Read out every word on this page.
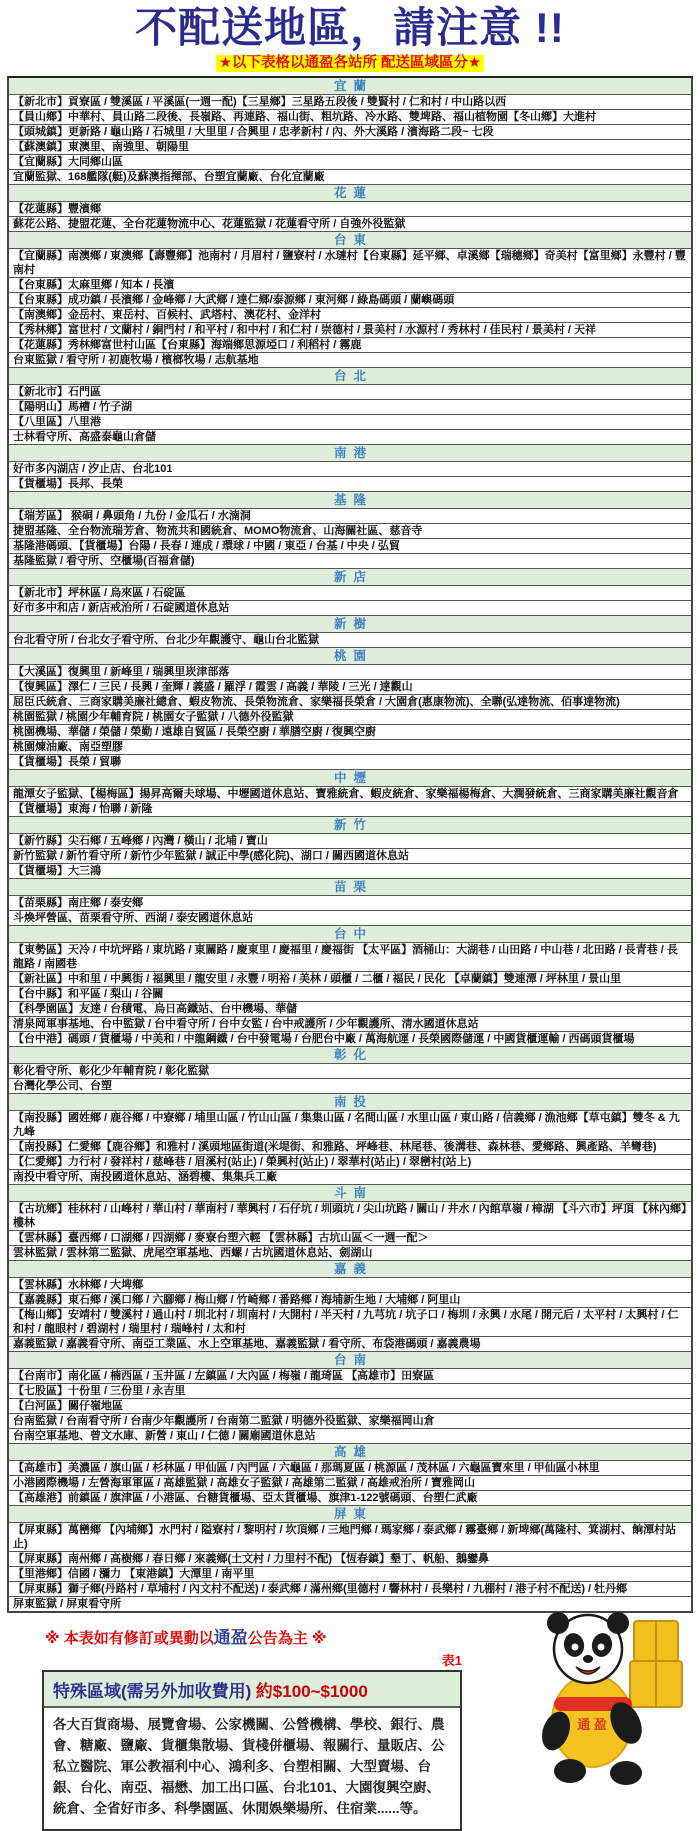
不配送地區，請注意 !!
★以下表格以通盈各站所 配送區域區分★
宜蘭
【新北市】貢寮區 / 雙溪區 / 平溪區(一週一配)【三星鄉】三星路五段後 / 雙賢村 / 仁和村 / 中山路以西
【員山鄉】中華村、員山路二段後、長嶺路、再連路、福山街、粗坑路、冷水路、雙埤路、福山植物園【冬山鄉】大進村
【頭城鎮】更新路 / 龜山路 / 石城里 / 大里里 / 合興里 / 忠孝新村 / 內、外大溪路 / 濱海路二段~ 七段
【蘇澳鎮】東澳里、南強里、朝陽里
【宜蘭縣】大同鄉山區
宜蘭監獄、168艦隊(艇)及蘇澳指揮部、台塑宜蘭廠、台化宜蘭廠
花蓮
【花蓮縣】豐濱鄉
蘇花公路、捷盟花蓮、全台花蓮物流中心、花蓮監獄 / 花蓮看守所 / 自強外役監獄
台東
【宜蘭縣】南澳鄉 / 東澳鄉【壽豐鄉】池南村 / 月眉村 / 鹽寮村 / 水璉村【台東縣】延平鄉、卓溪鄉【瑞穗鄉】奇美村【富里鄉】永豐村 / 豐南村
【台東縣】太麻里鄉 / 知本 / 長濱
【台東縣】成功鎮 / 長濱鄉 / 金峰鄉 / 大武鄉 / 達仁鄉/泰源鄉 / 東河鄉 / 綠島碼頭 / 蘭嶼碼頭
【南澳鄉】金岳村、東岳村、百候村、武塔村、澳花村、金洋村
【秀林鄉】富世村 / 文蘭村 / 銅門村 / 和平村 / 和中村 / 和仁村 / 崇德村 / 景美村 / 水源村 / 秀林村 / 佳民村 / 景美村 / 天祥
【花蓮縣】秀林鄉富世村山區【台東縣】海端鄉思源埡口 / 利稻村 / 霧鹿
台東監獄 / 看守所 / 初鹿牧場 / 檳榔牧場 / 志航基地
台北
【新北市】石門區
【陽明山】馬槽 / 竹子湖
【八里區】八里港
士林看守所、高盛泰龜山倉儲
南港
好市多內湖店 / 汐止店、台北101
【貨櫃場】長邦、長榮
基隆
【瑞芳區】 猴硐 / 鼻頭角 / 九份 / 金瓜石 / 水湳洞
捷盟基隆、全台物流瑞芳倉、物流共和國統倉、MOMO物流倉、山海關社區、慈音寺
基隆港碼頭、【貨櫃場】台陽 / 長春 / 連成 / 環球 / 中國 / 東亞 / 台基 / 中央 / 弘貿
基隆監獄 / 看守所、空櫃場(百福倉儲)
新店
【新北市】坪林區 / 烏來區 / 石碇區
好市多中和店 / 新店戒治所 / 石碇國道休息站
新樹
台北看守所 / 台北女子看守所、台北少年觀護守、龜山台北監獄
桃園
【大溪區】復興里 / 新峰里 / 瑞興里崁津部落
【復興區】澤仁 / 三民 / 長興 / 奎輝 / 義盛 / 羅浮 / 霞雲 / 高義 / 華陵 / 三光 / 達觀山
屈臣氏統倉、三商家購美廉社總倉、蝦皮物流、長榮物流倉、家樂福長榮倉 / 大園倉(惠康物流)、全聯(弘達物流、佰事達物流)
桃園監獄 / 桃園少年輔育院 / 桃園女子監獄 / 八德外役監獄
桃園機場、華儲 / 榮儲 / 榮勤 / 遠雄自貿區 / 長榮空廚 / 華膳空廚 / 復興空廚
桃園煉油廠、南亞塑膠
【貨櫃場】長榮 / 貿聯
中壢
龍潭女子監獄、【楊梅區】揚昇高爾夫球場、中壢國道休息站、寶雅統倉、蝦皮統倉、家樂福楊梅倉、大潤發統倉、三商家購美廉社觀音倉
【貨櫃場】東海 / 怡聯 / 新隆
新竹
【新竹縣】尖石鄉 / 五峰鄉 / 內灣 / 橫山 / 北埔 / 寶山
新竹監獄 / 新竹看守所 / 新竹少年監獄 / 誠正中學(感化院)、湖口 / 關西國道休息站
【貨櫃場】大三鴻
苗栗
【苗栗縣】南庄鄉 / 泰安鄉
斗煥坪營區、苗栗看守所、西湖 / 泰安國道休息站
台中
【東勢區】天冷 / 中坑坪路 / 東坑路 / 東關路 / 慶東里 / 慶福里 / 慶福街 【太平區】酒桶山：大湖巷 / 山田路 / 中山巷 / 北田路 / 長青巷 / 長龍路 / 南國巷
【新社區】中和里 / 中興街 / 福興里 / 龍安里 / 永豐 / 明裕 / 美林 / 頭櫃 / 二櫃 / 福民 / 民化 【卓蘭鎮】雙連潭 / 坪林里 / 景山里
【台中縣】和平區 / 梨山 / 谷關
【科學園區】友達 / 台積電、烏日高鐵站、台中機場、華儲
清泉岡軍事基地、台中監獄 / 台中看守所 / 台中女監 / 台中戒護所 / 少年觀護所、清水國道休息站
【台中港】碼頭 / 貨櫃場 / 中美和 / 中龍鋼鐵 / 台中發電場 / 台肥台中廠 / 萬海航運 / 長榮國際儲運 / 中國貨櫃運輸 / 西碼頭貨櫃場
彰化
彰化看守所、彰化少年輔育院 / 彰化監獄
台灣化學公司、台塑
南投
【南投縣】國姓鄉 / 鹿谷鄉 / 中寮鄉 / 埔里山區 / 竹山山區 / 集集山區 / 名間山區 / 水里山區 / 東山路 / 信義鄉 / 漁池鄉【草屯鎮】雙冬 & 九九峰
【南投縣】仁愛鄉【鹿谷鄉】和雅村 / 溪頭地區街道(米堤街、和雅路、坪峰巷、林尾巷、後溝巷、森林巷、愛鄉路、興產路、羊彎巷)
【仁愛鄉】力行村 / 發祥村 / 慈峰巷 / 眉溪村(站止) / 榮興村(站止) / 翠華村(站止) / 翠巒村(站上)
南投中看守所、南投國道休息站、涵碧樓、集集兵工廠
斗南
【古坑鄉】桂林村 / 山峰村 / 華山村 / 華南村 / 華興村 / 石仔坑 / 圳頭坑 / 尖山坑路 / 關山 / 井水 / 內館草嶺 / 樟湖 【斗六市】坪頂 【林內鄉】樓林
【雲林縣】臺西鄉 / 口湖鄉 / 四湖鄉 / 麥寮台塑六輕 【雲林縣】古坑山區＜一週一配＞
雲林監獄 / 雲林第二監獄、虎尾空軍基地、西螺 / 古坑國道休息站、劍湖山
嘉義
【雲林縣】水林鄉 / 大埤鄉
【嘉義縣】東石鄉 / 溪口鄉 / 六腳鄉 / 梅山鄉 / 竹崎鄉 / 番路鄉 / 海埔新生地 / 大埔鄉 / 阿里山
【梅山鄉】安靖村 / 雙溪村 / 過山村 / 圳北村 / 圳南村 / 大開村 / 半天村 / 九芎坑 / 坑子口 / 梅圳 / 永興 / 水尾 / 開元后 / 太平村 / 太興村 / 仁和村 / 龍眼村 / 碧湖村 / 瑞里村 / 瑞峰村 / 太和村
嘉義監獄 / 嘉義看守所、南亞工業區、水上空軍基地、嘉義監獄 / 看守所、布袋港碼頭 / 嘉義農場
台南
【台南市】南化區 / 楠西區 / 玉井區 / 左鎮區 / 大內區 / 梅嶺 / 龍琦區 【高雄市】田寮區
【七股區】十份里 / 三份里 / 永吉里
【白河區】關仔嶺地區
台南監獄 / 台南看守所 / 台南少年觀護所 / 台南第二監獄 / 明德外役監獄、家樂福岡山倉
台南空軍基地、曾文水庫、新營 / 東山 / 仁德 / 關廟國道休息站
高雄
【高雄市】美濃區 / 旗山區 / 杉林區 / 甲仙區 / 內門區 / 六龜區 / 那瑪夏區 / 桃源區 / 茂林區 / 六龜區寶來里 / 甲仙區小林里
小港國際機場 / 左營海軍軍區 / 高雄監獄 / 高雄女子監獄 / 高雄第二監獄 / 高雄戒治所 / 寶雅岡山
【高雄港】前鎮區 / 旗津區 / 小港區、台糖貨櫃場、亞太貨櫃場、旗津1-122號碼頭、台塑仁武廠
屏東
【屏東縣】萬巒鄉 【內埔鄉】水門村 / 隘寮村 / 黎明村 / 坎頂鄉 / 三地門鄉 / 瑪家鄉 / 泰武鄉 / 霧臺鄉 / 新埤鄉(萬隆村、箕湖村、餉潭村站止)
【屏東縣】南州鄉 / 高樹鄉 / 春日鄉 / 來義鄉(土文村 / 力里村不配) 【恆春鎮】墾丁、帆船、鵝鑾鼻
【里港鄉】信國 / 瀰力 【東港鎮】大潭里 / 南平里
【屏東縣】獅子鄉(丹路村 / 草埔村 / 內文村不配送) / 泰武鄉 / 滿州鄉(里德村 / 響林村 / 長樂村 / 九棚村 / 港子村不配送) / 牡丹鄉
屏東監獄 / 屏東看守所
※ 本表如有修訂或異動以通盈公告為主 ※
表1
特殊區域(需另外加收費用) 約$100~$1000
各大百貨商場、展覽會場、公家機關、公營機構、學校、銀行、農會、糖廠、鹽廠、貨櫃集散場、貨棧併櫃場、報關行、量販店、公私立醫院、軍公教福利中心、鴻利多、台塑相關、大型賣場、台銀、台化、南亞、福懋、加工出口區、台北101、大園復興空廚、統倉、全省好市多、科學園區、休閒娛樂場所、住宿業......等。
通 盈
